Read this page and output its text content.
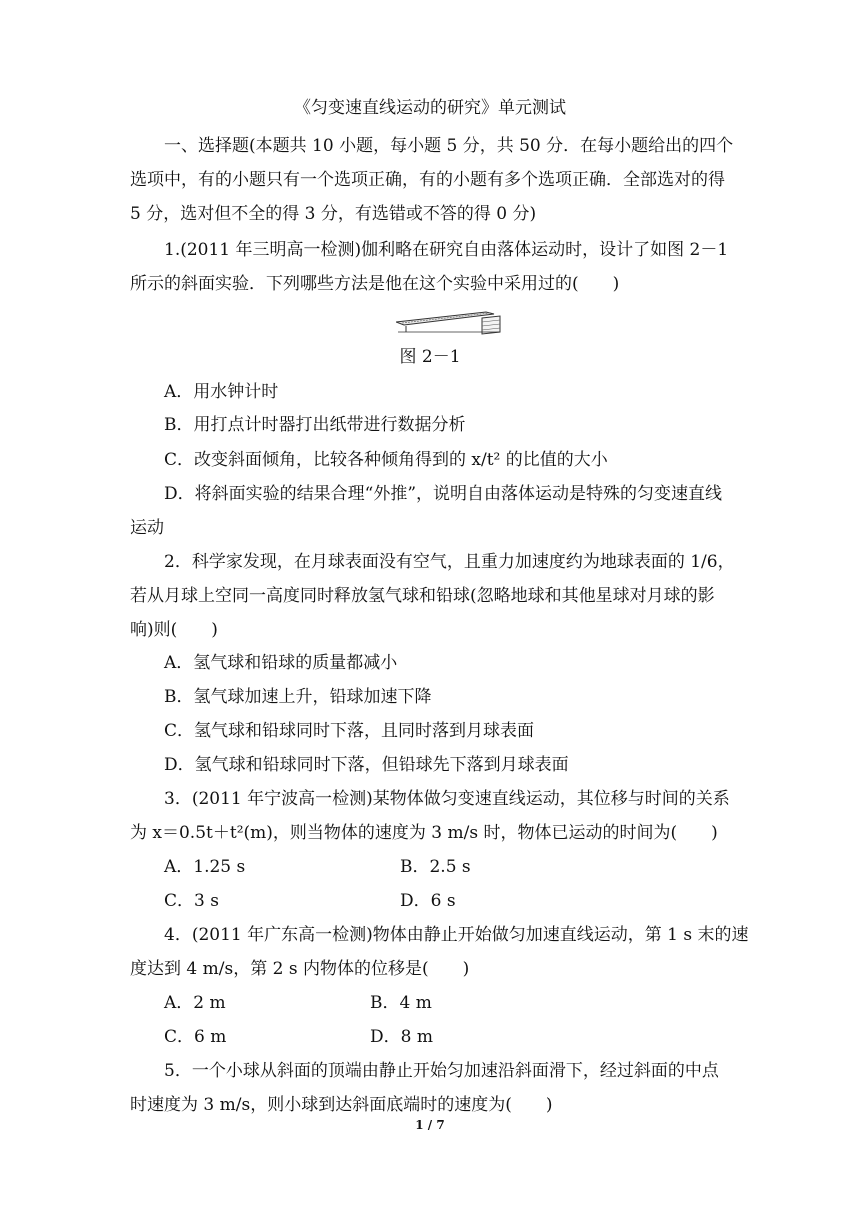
《匀变速直线运动的研究》单元测试
一、选择题(本题共 10 小题，每小题 5 分，共 50 分．在每小题给出的四个
选项中，有的小题只有一个选项正确，有的小题有多个选项正确．全部选对的得
5 分，选对但不全的得 3 分，有选错或不答的得 0 分)
1.(2011 年三明高一检测)伽利略在研究自由落体运动时，设计了如图 2－1
所示的斜面实验．下列哪些方法是他在这个实验中采用过的(　　)
图 2－1
A．用水钟计时
B．用打点计时器打出纸带进行数据分析
C．改变斜面倾角，比较各种倾角得到的 x/t² 的比值的大小
D．将斜面实验的结果合理“外推”，说明自由落体运动是特殊的匀变速直线
运动
2．科学家发现，在月球表面没有空气，且重力加速度约为地球表面的 1/6，
若从月球上空同一高度同时释放氢气球和铅球(忽略地球和其他星球对月球的影
响)则(　　)
A．氢气球和铅球的质量都减小
B．氢气球加速上升，铅球加速下降
C．氢气球和铅球同时下落，且同时落到月球表面
D．氢气球和铅球同时下落，但铅球先下落到月球表面
3．(2011 年宁波高一检测)某物体做匀变速直线运动，其位移与时间的关系
为 x＝0.5t＋t²(m)，则当物体的速度为 3 m/s 时，物体已运动的时间为(　　)
A．1.25 s	B．2.5 s
C．3 s	D．6 s
4．(2011 年广东高一检测)物体由静止开始做匀加速直线运动，第 1 s 末的速
度达到 4 m/s，第 2 s 内物体的位移是(　　)
A．2 m	B．4 m
C．6 m	D．8 m
5．一个小球从斜面的顶端由静止开始匀加速沿斜面滑下，经过斜面的中点
时速度为 3 m/s，则小球到达斜面底端时的速度为(　　)
1 / 7
